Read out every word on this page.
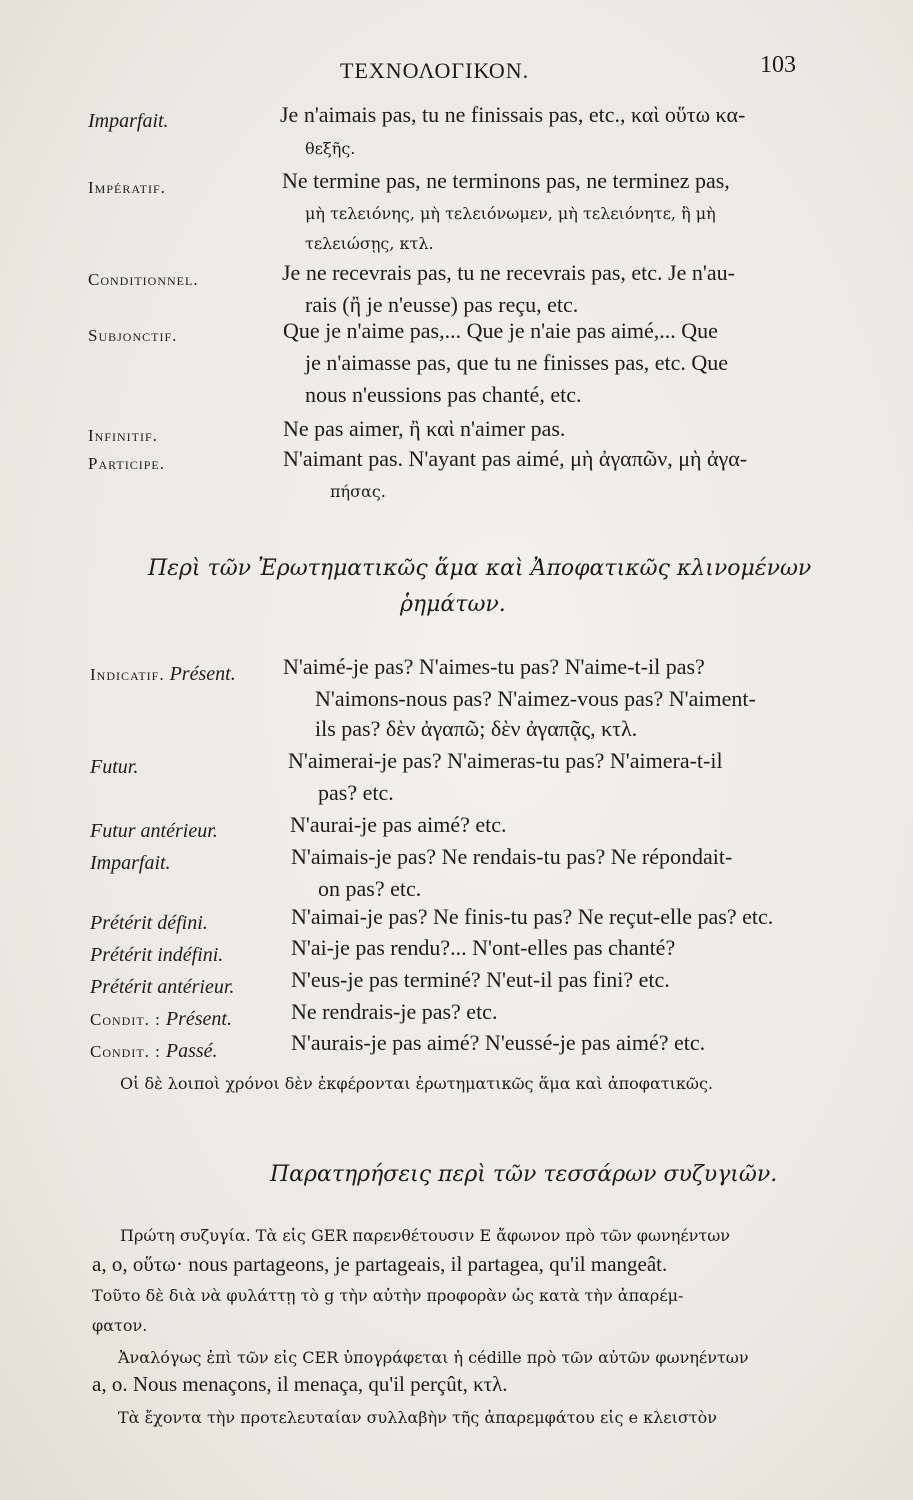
ΤΕΧΝΟΛΟΓΙΚΟΝ.	103
Imparfait.	Je n'aimais pas, tu ne finissais pas, etc., καὶ οὕτω κα-
θεξῆς.
Impératif.	Ne termine pas, ne terminons pas, ne terminez pas,
μὴ τελειόνης, μὴ τελειόνωμεν, μὴ τελειόνητε, ἢ μὴ
τελειώσῃς, κτλ.
Conditionnel.	Je ne recevrais pas, tu ne recevrais pas, etc. Je n'au-
rais (ἢ je n'eusse) pas reçu, etc.
Subjonctif.	Que je n'aime pas,... Que je n'aie pas aimé,... Que
je n'aimasse pas, que tu ne finisses pas, etc. Que
nous n'eussions pas chanté, etc.
Infinitif.	Ne pas aimer, ἢ καὶ n'aimer pas.
Participe.	N'aimant pas. N'ayant pas aimé, μὴ ἀγαπῶν, μὴ ἀγα-
πήσας.
Περὶ τῶν Ἐρωτηματικῶς ἅμα καὶ Ἀποφατικῶς κλινομένων
ῥημάτων.
Indicatif. Présent. N'aimé-je pas? N'aimes-tu pas? N'aime-t-il pas?
N'aimons-nous pas? N'aimez-vous pas? N'aiment-
ils pas? δὲν ἀγαπῶ; δὲν ἀγαπᾷς, κτλ.
Futur.	N'aimerai-je pas? N'aimeras-tu pas? N'aimera-t-il
pas? etc.
Futur antérieur.	N'aurai-je pas aimé? etc.
Imparfait.	N'aimais-je pas? Ne rendais-tu pas? Ne répondait-
on pas? etc.
Prétérit défini.	N'aimai-je pas? Ne finis-tu pas? Ne reçut-elle pas? etc.
Prétérit indéfini.	N'ai-je pas rendu?... N'ont-elles pas chanté?
Prétérit antérieur.	N'eus-je pas terminé? N'eut-il pas fini? etc.
Condit. : Présent.	Ne rendrais-je pas? etc.
Condit. : Passé.	N'aurais-je pas aimé? N'eussé-je pas aimé? etc.
Οἱ δὲ λοιποὶ χρόνοι δὲν ἐκφέρονται ἐρωτηματικῶς ἅμα καὶ ἀποφατικῶς.
Παρατηρήσεις περὶ τῶν τεσσάρων συζυγιῶν.
Πρώτη συζυγία. Τὰ εἰς GER παρενθέτουσιν E ἄφωνον πρὸ τῶν φωνηέντων
a, o, οὕτω· nous partageons, je partageais, il partagea, qu'il mangeât.
Τοῦτο δὲ διὰ νὰ φυλάττῃ τὸ g τὴν αὐτὴν προφορὰν ὡς κατὰ τὴν ἀπαρέμ-
φατον.
Ἀναλόγως ἐπὶ τῶν εἰς CER ὑπογράφεται ἡ cédille πρὸ τῶν αὐτῶν φωνηέντων
a, o. Nous menaçons, il menaça, qu'il perçût, κτλ.
Τὰ ἔχοντα τὴν προτελευταίαν συλλαβὴν τῆς ἀπαρεμφάτου εἰς e κλειστὸν
